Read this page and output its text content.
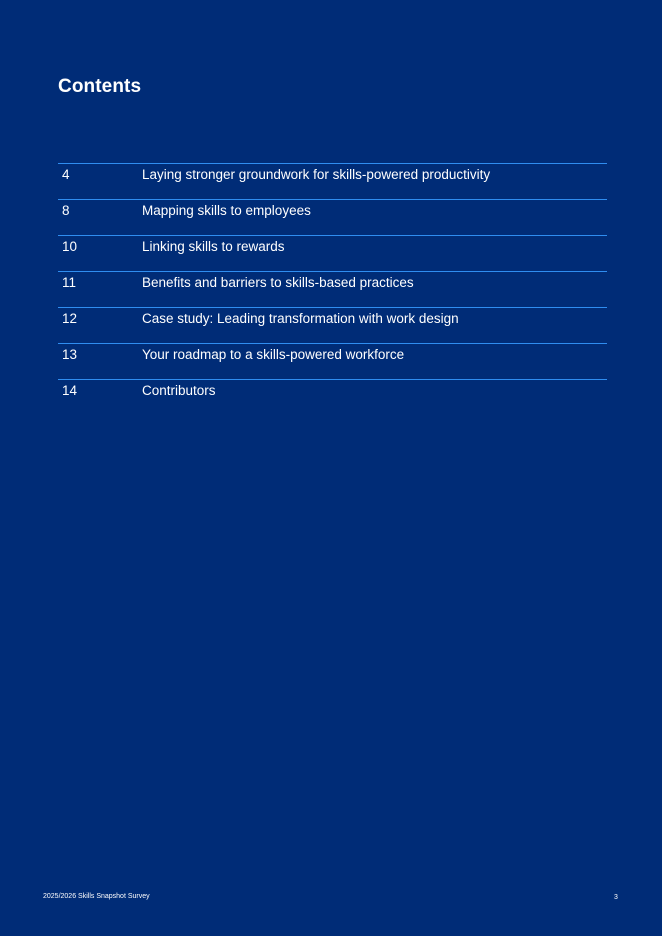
Contents
4	Laying stronger groundwork for skills-powered productivity
8	Mapping skills to employees
10	Linking skills to rewards
11	Benefits and barriers to skills-based practices
12	Case study: Leading transformation with work design
13	Your roadmap to a skills-powered workforce
14	Contributors
2025/2026 Skills Snapshot Survey	3
